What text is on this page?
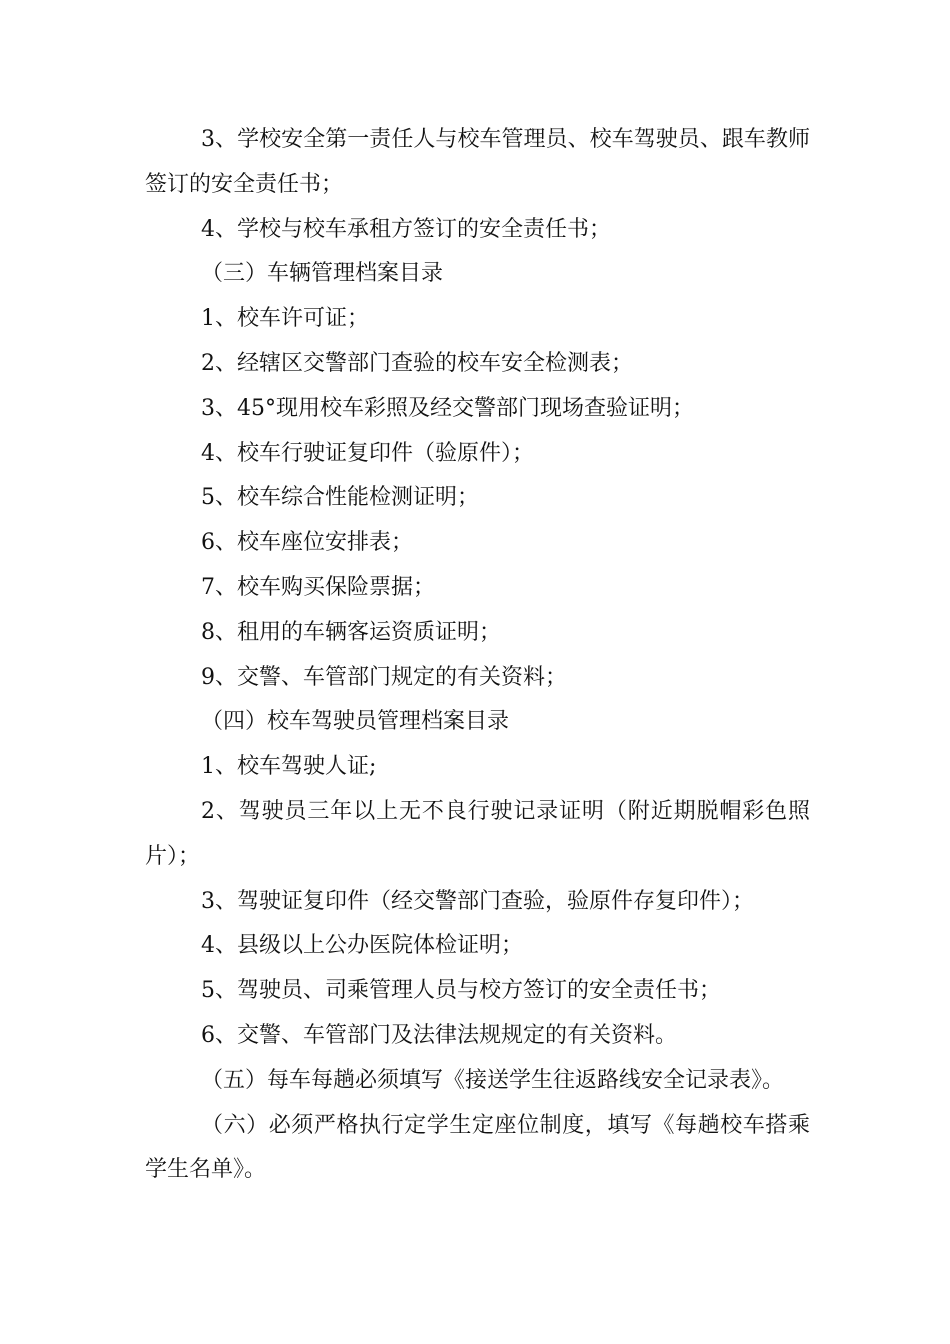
3、学校安全第一责任人与校车管理员、校车驾驶员、跟车教师签订的安全责任书；

4、学校与校车承租方签订的安全责任书；

（三）车辆管理档案目录

1、校车许可证；

2、经辖区交警部门查验的校车安全检测表；

3、45°现用校车彩照及经交警部门现场查验证明；

4、校车行驶证复印件（验原件）；

5、校车综合性能检测证明；

6、校车座位安排表；

7、校车购买保险票据；

8、租用的车辆客运资质证明；

9、交警、车管部门规定的有关资料；

（四）校车驾驶员管理档案目录

1、校车驾驶人证;

2、驾驶员三年以上无不良行驶记录证明（附近期脱帽彩色照片）；

3、驾驶证复印件（经交警部门查验，验原件存复印件）；

4、县级以上公办医院体检证明；

5、驾驶员、司乘管理人员与校方签订的安全责任书；

6、交警、车管部门及法律法规规定的有关资料。

（五）每车每趟必须填写《接送学生往返路线安全记录表》。

（六）必须严格执行定学生定座位制度，填写《每趟校车搭乘学生名单》。
